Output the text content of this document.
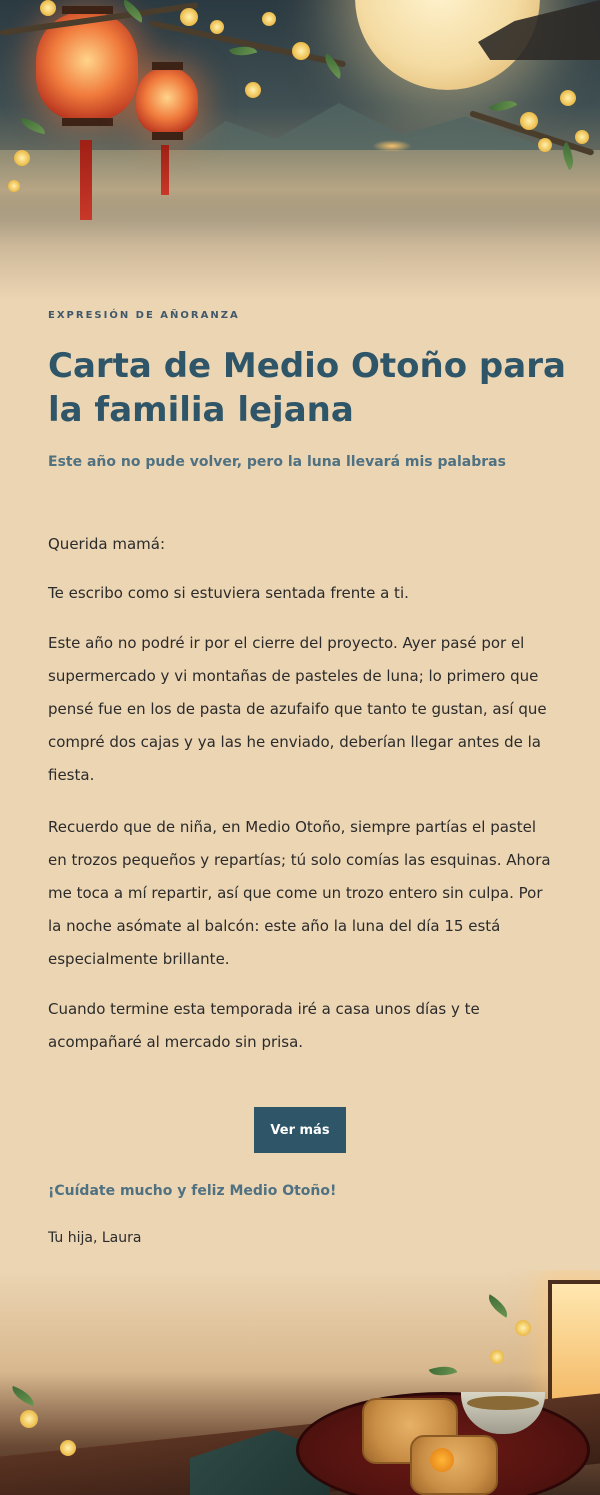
EXPRESIÓN DE AÑORANZA
Carta de Medio Otoño para la familia lejana
Este año no pude volver, pero la luna llevará mis palabras

Querida mamá:

Te escribo como si estuviera sentada frente a ti.

Este año no podré ir por el cierre del proyecto. Ayer pasé por el supermercado y vi montañas de pasteles de luna; lo primero que pensé fue en los de pasta de azufaifo que tanto te gustan, así que compré dos cajas y ya las he enviado, deberían llegar antes de la fiesta.

Recuerdo que de niña, en Medio Otoño, siempre partías el pastel en trozos pequeños y repartías; tú solo comías las esquinas. Ahora me toca a mí repartir, así que come un trozo entero sin culpa. Por la noche asómate al balcón: este año la luna del día 15 está especialmente brillante.

Cuando termine esta temporada iré a casa unos días y te acompañaré al mercado sin prisa.

Ver más
¡Cuídate mucho y feliz Medio Otoño!
Tu hija, Laura
